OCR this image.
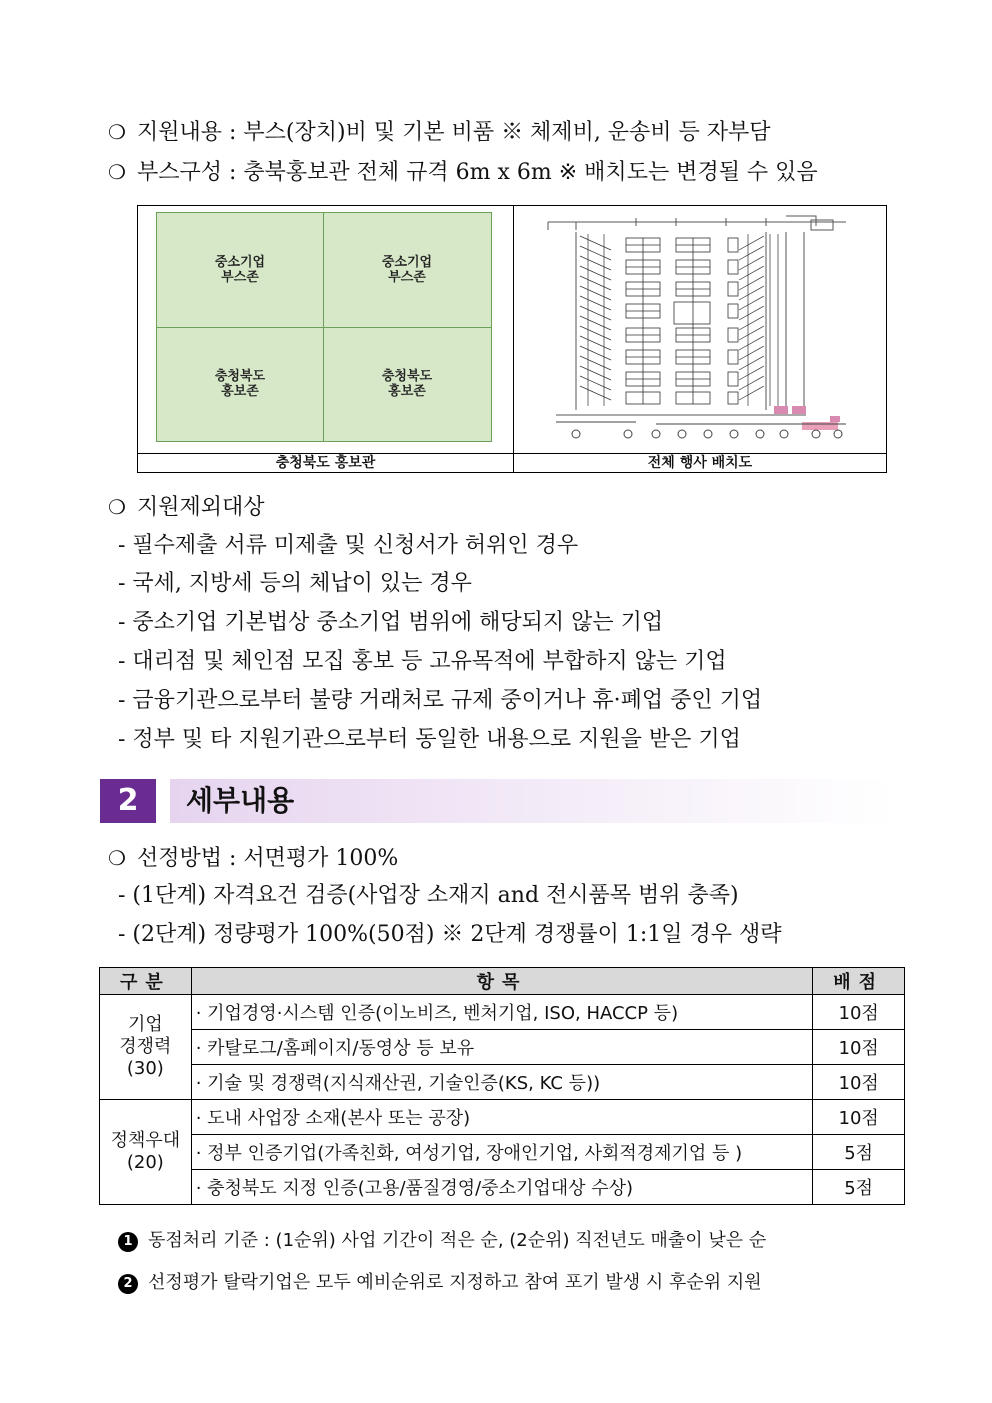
❍ 지원내용 : 부스(장치)비 및 기본 비품 ※ 체제비, 운송비 등 자부담
❍ 부스구성 : 충북홍보관 전체 규격 6m x 6m ※ 배치도는 변경될 수 있음
중소기업
부스존
중소기업
부스존
충청북도
홍보존
충청북도
홍보존
충청북도 홍보관	전체 행사 배치도
❍ 지원제외대상
- 필수제출 서류 미제출 및 신청서가 허위인 경우
- 국세, 지방세 등의 체납이 있는 경우
- 중소기업 기본법상 중소기업 범위에 해당되지 않는 기업
- 대리점 및 체인점 모집 홍보 등 고유목적에 부합하지 않는 기업
- 금융기관으로부터 불량 거래처로 규제 중이거나 휴·폐업 중인 기업
- 정부 및 타 지원기관으로부터 동일한 내용으로 지원을 받은 기업
2	세부내용
❍ 선정방법 : 서면평가 100%
- (1단계) 자격요건 검증(사업장 소재지 and 전시품목 범위 충족)
- (2단계) 정량평가 100%(50점) ※ 2단계 경쟁률이 1:1일 경우 생략
구분	항목	배점

기업
경쟁력
(30)	· 기업경영·시스템 인증(이노비즈, 벤처기업, ISO, HACCP 등)	10점
	· 카탈로그/홈페이지/동영상 등 보유	10점
	· 기술 및 경쟁력(지식재산권, 기술인증(KS, KC 등))	10점

정책우대
(20)	· 도내 사업장 소재(본사 또는 공장)	10점
	· 정부 인증기업(가족친화, 여성기업, 장애인기업, 사회적경제기업 등 )	5점
	· 충청북도 지정 인증(고용/품질경영/중소기업대상 수상)	5점
1 동점처리 기준 : (1순위) 사업 기간이 적은 순, (2순위) 직전년도 매출이 낮은 순
2 선정평가 탈락기업은 모두 예비순위로 지정하고 참여 포기 발생 시 후순위 지원
